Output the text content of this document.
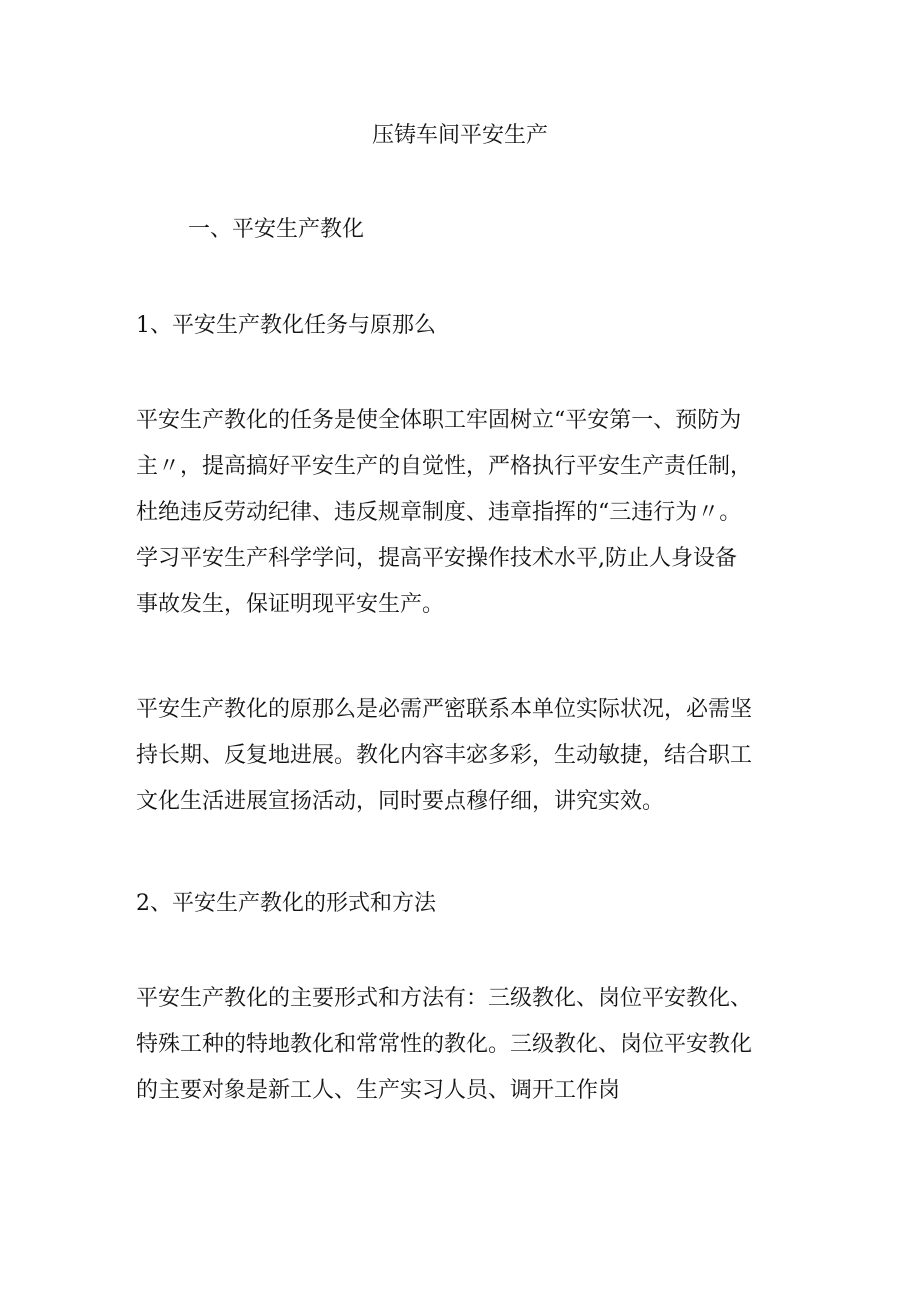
压铸车间平安生产
一、平安生产教化
1、平安生产教化任务与原那么
平安生产教化的任务是使全体职工牢固树立“平安第一、预防为
主〃，提高搞好平安生产的自觉性，严格执行平安生产责任制，
杜绝违反劳动纪律、违反规章制度、违章指挥的“三违行为〃。
学习平安生产科学学问，提高平安操作技术水平,防止人身设备
事故发生，保证明现平安生产。
平安生产教化的原那么是必需严密联系本单位实际状况，必需坚
持长期、反复地进展。教化内容丰宓多彩，生动敏捷，结合职工
文化生活进展宣扬活动，同时要点穆仔细，讲究实效。
2、平安生产教化的形式和方法
平安生产教化的主要形式和方法有：三级教化、岗位平安教化、
特殊工种的特地教化和常常性的教化。三级教化、岗位平安教化
的主要对象是新工人、生产实习人员、调开工作岗
